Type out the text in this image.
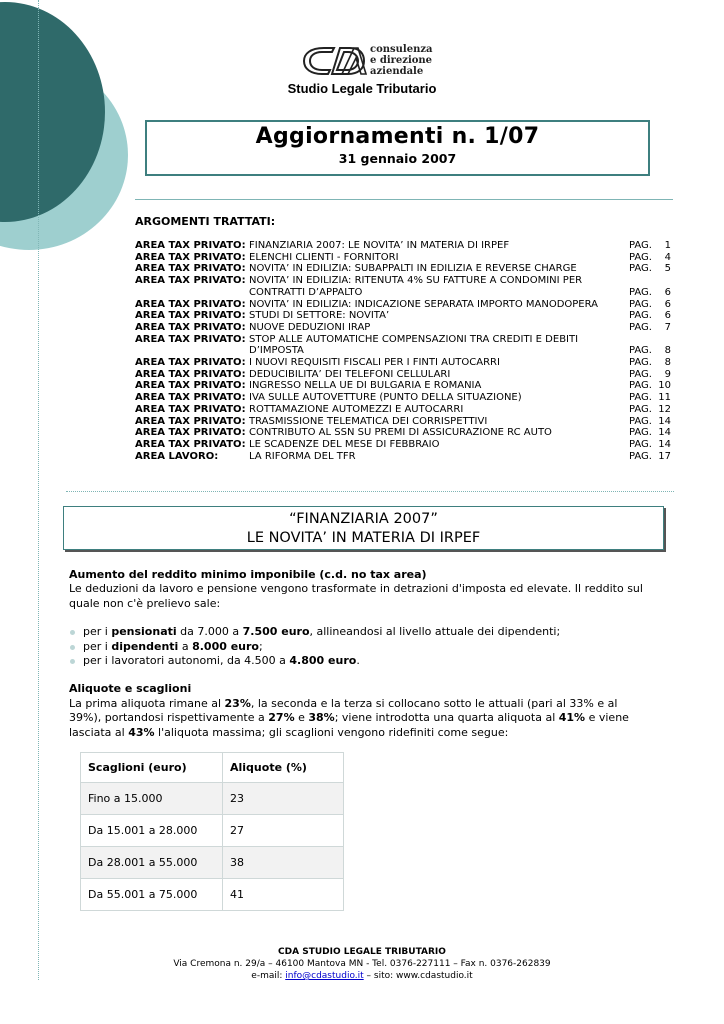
consulenza
e direzione
aziendale
Studio Legale Tributario
Aggiornamenti n. 1/07
31 gennaio 2007
ARGOMENTI TRATTATI:
AREA TAX PRIVATO: FINANZIARIA 2007: LE NOVITA’ IN MATERIA DI IRPEF	PAG.	1
AREA TAX PRIVATO: ELENCHI CLIENTI - FORNITORI	PAG.	4
AREA TAX PRIVATO: NOVITA’ IN EDILIZIA: SUBAPPALTI IN EDILIZIA E REVERSE CHARGE	PAG.	5
AREA TAX PRIVATO: NOVITA’ IN EDILIZIA: RITENUTA 4% SU FATTURE A CONDOMINI PER
CONTRATTI D’APPALTO	PAG.	6
AREA TAX PRIVATO: NOVITA’ IN EDILIZIA: INDICAZIONE SEPARATA IMPORTO MANODOPERA	PAG.	6
AREA TAX PRIVATO: STUDI DI SETTORE: NOVITA’	PAG.	6
AREA TAX PRIVATO: NUOVE DEDUZIONI IRAP	PAG.	7
AREA TAX PRIVATO: STOP ALLE AUTOMATICHE COMPENSAZIONI TRA CREDITI E DEBITI
D’IMPOSTA	PAG.	8
AREA TAX PRIVATO: I NUOVI REQUISITI FISCALI PER I FINTI AUTOCARRI	PAG.	8
AREA TAX PRIVATO: DEDUCIBILITA’ DEI TELEFONI CELLULARI	PAG.	9
AREA TAX PRIVATO: INGRESSO NELLA UE DI BULGARIA E ROMANIA	PAG. 10
AREA TAX PRIVATO: IVA SULLE AUTOVETTURE (PUNTO DELLA SITUAZIONE)	PAG. 11
AREA TAX PRIVATO: ROTTAMAZIONE AUTOMEZZI E AUTOCARRI	PAG. 12
AREA TAX PRIVATO: TRASMISSIONE TELEMATICA DEI CORRISPETTIVI	PAG. 14
AREA TAX PRIVATO: CONTRIBUTO AL SSN SU PREMI DI ASSICURAZIONE RC AUTO	PAG. 14
AREA TAX PRIVATO: LE SCADENZE DEL MESE DI FEBBRAIO	PAG. 14
AREA LAVORO:	LA RIFORMA DEL TFR	PAG. 17
“FINANZIARIA 2007”
LE NOVITA’ IN MATERIA DI IRPEF
Aumento del reddito minimo imponibile (c.d. no tax area)
Le deduzioni da lavoro e pensione vengono trasformate in detrazioni d'imposta ed elevate. Il reddito sul quale non c'è prelievo sale:
per i pensionati da 7.000 a 7.500 euro, allineandosi al livello attuale dei dipendenti;
per i dipendenti a 8.000 euro;
per i lavoratori autonomi, da 4.500 a 4.800 euro.
Aliquote e scaglioni
La prima aliquota rimane al 23%, la seconda e la terza si collocano sotto le attuali (pari al 33% e al 39%), portandosi rispettivamente a 27% e 38%; viene introdotta una quarta aliquota al 41% e viene lasciata al 43% l'aliquota massima; gli scaglioni vengono ridefiniti come segue:
Scaglioni (euro)	Aliquote (%)
Fino a 15.000	23
Da 15.001 a 28.000	27
Da 28.001 a 55.000	38
Da 55.001 a 75.000	41
CDA STUDIO LEGALE TRIBUTARIO
Via Cremona n. 29/a – 46100 Mantova MN - Tel. 0376-227111 – Fax n. 0376-262839
e-mail: info@cdastudio.it – sito: www.cdastudio.it
